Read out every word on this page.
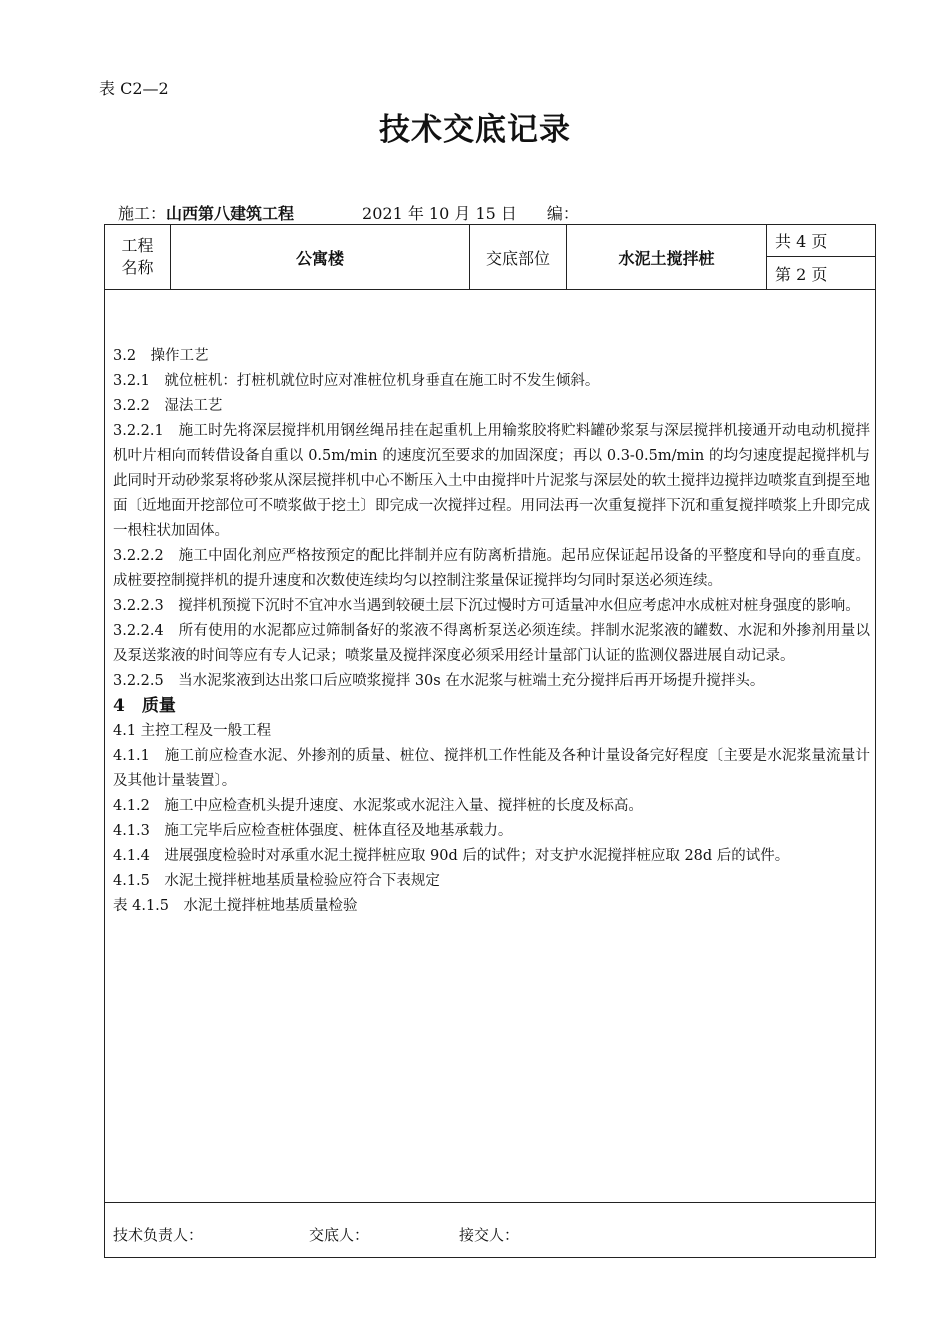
表 C2—2
技术交底记录
施工：山西第八建筑工程	2021 年 10 月 15 日 编：
工程
名称	公寓楼	交底部位	水泥土搅拌桩
共 4 页
第 2 页

3.2　操作工艺

3.2.1　就位桩机：打桩机就位时应对准桩位机身垂直在施工时不发生倾斜。

3.2.2　湿法工艺

3.2.2.1　施工时先将深层搅拌机用钢丝绳吊挂在起重机上用输浆胶将贮料罐砂浆泵与深层搅拌机接通开动电动机搅拌机叶片相向而转借设备自重以 0.5m/min 的速度沉至要求的加固深度；再以 0.3-0.5m/min 的均匀速度提起搅拌机与此同时开动砂浆泵将砂浆从深层搅拌机中心不断压入土中由搅拌叶片泥浆与深层处的软土搅拌边搅拌边喷浆直到提至地面〔近地面开挖部位可不喷浆做于挖土〕即完成一次搅拌过程。用同法再一次重复搅拌下沉和重复搅拌喷浆上升即完成一根柱状加固体。

3.2.2.2　施工中固化剂应严格按预定的配比拌制并应有防离析措施。起吊应保证起吊设备的平整度和导向的垂直度。成桩要控制搅拌机的提升速度和次数使连续均匀以控制注浆量保证搅拌均匀同时泵送必须连续。

3.2.2.3　搅拌机预搅下沉时不宜冲水当遇到较硬土层下沉过慢时方可适量冲水但应考虑冲水成桩对桩身强度的影响。

3.2.2.4　所有使用的水泥都应过筛制备好的浆液不得离析泵送必须连续。拌制水泥浆液的罐数、水泥和外掺剂用量以及泵送浆液的时间等应有专人记录；喷浆量及搅拌深度必须采用经计量部门认证的监测仪器进展自动记录。

3.2.2.5　当水泥浆液到达出浆口后应喷浆搅拌 30s 在水泥浆与桩端土充分搅拌后再开场提升搅拌头。

4　质量

4.1 主控工程及一般工程

4.1.1　施工前应检查水泥、外掺剂的质量、桩位、搅拌机工作性能及各种计量设备完好程度〔主要是水泥浆量流量计及其他计量装置〕。

4.1.2　施工中应检查机头提升速度、水泥浆或水泥注入量、搅拌桩的长度及标高。

4.1.3　施工完毕后应检查桩体强度、桩体直径及地基承载力。

4.1.4　进展强度检验时对承重水泥土搅拌桩应取 90d 后的试件；对支护水泥搅拌桩应取 28d 后的试件。

4.1.5　水泥土搅拌桩地基质量检验应符合下表规定

表 4.1.5　水泥土搅拌桩地基质量检验

技术负责人：	交底人：	接交人：
